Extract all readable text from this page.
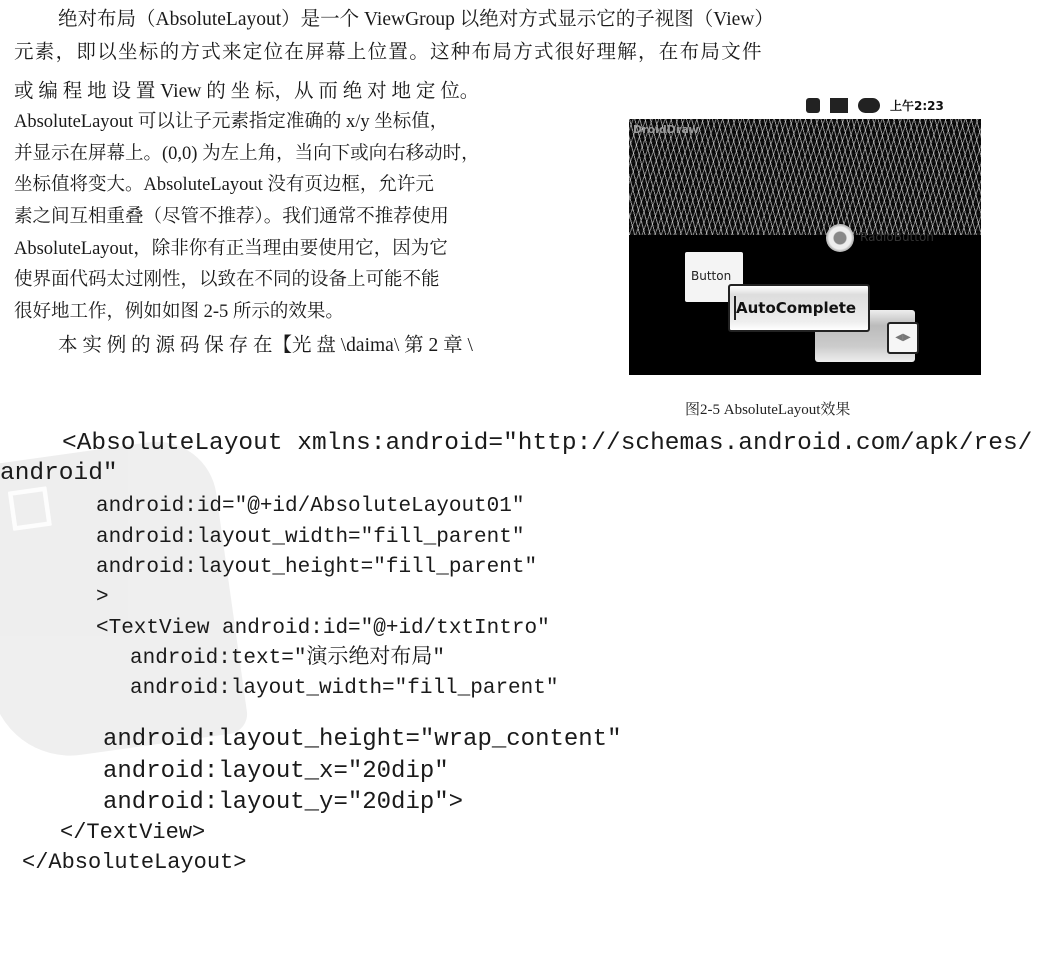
☐
绝对布局（AbsoluteLayout）是一个 ViewGroup 以绝对方式显示它的子视图（View）
元素，即以坐标的方式来定位在屏幕上位置。这种布局方式很好理解，在布局文件
或 编 程 地 设 置 View 的 坐 标，从 而 绝 对 地 定 位。
AbsoluteLayout 可以让子元素指定准确的 x/y 坐标值，
并显示在屏幕上。(0,0) 为左上角，当向下或向右移动时，
坐标值将变大。AbsoluteLayout 没有页边框，允许元
素之间互相重叠（尽管不推荐）。我们通常不推荐使用
AbsoluteLayout，除非你有正当理由要使用它，因为它
使界面代码太过刚性，以致在不同的设备上可能不能
很好地工作，例如如图 2-5 所示的效果。
本 实 例 的 源 码 保 存 在【光 盘 \daima\ 第 2 章 \
上午2:23
DroidDraw
RadioButton
Button
◀▶
AutoComplete
图2-5 AbsoluteLayout效果
<AbsoluteLayout xmlns:android="http://schemas.android.com/apk/res/
android"
android:id="@+id/AbsoluteLayout01"
android:layout_width="fill_parent"
android:layout_height="fill_parent"
>
<TextView android:id="@+id/txtIntro"
android:text="演示绝对布局"
android:layout_width="fill_parent"
android:layout_height="wrap_content"
android:layout_x="20dip"
android:layout_y="20dip">
</TextView>
</AbsoluteLayout>
